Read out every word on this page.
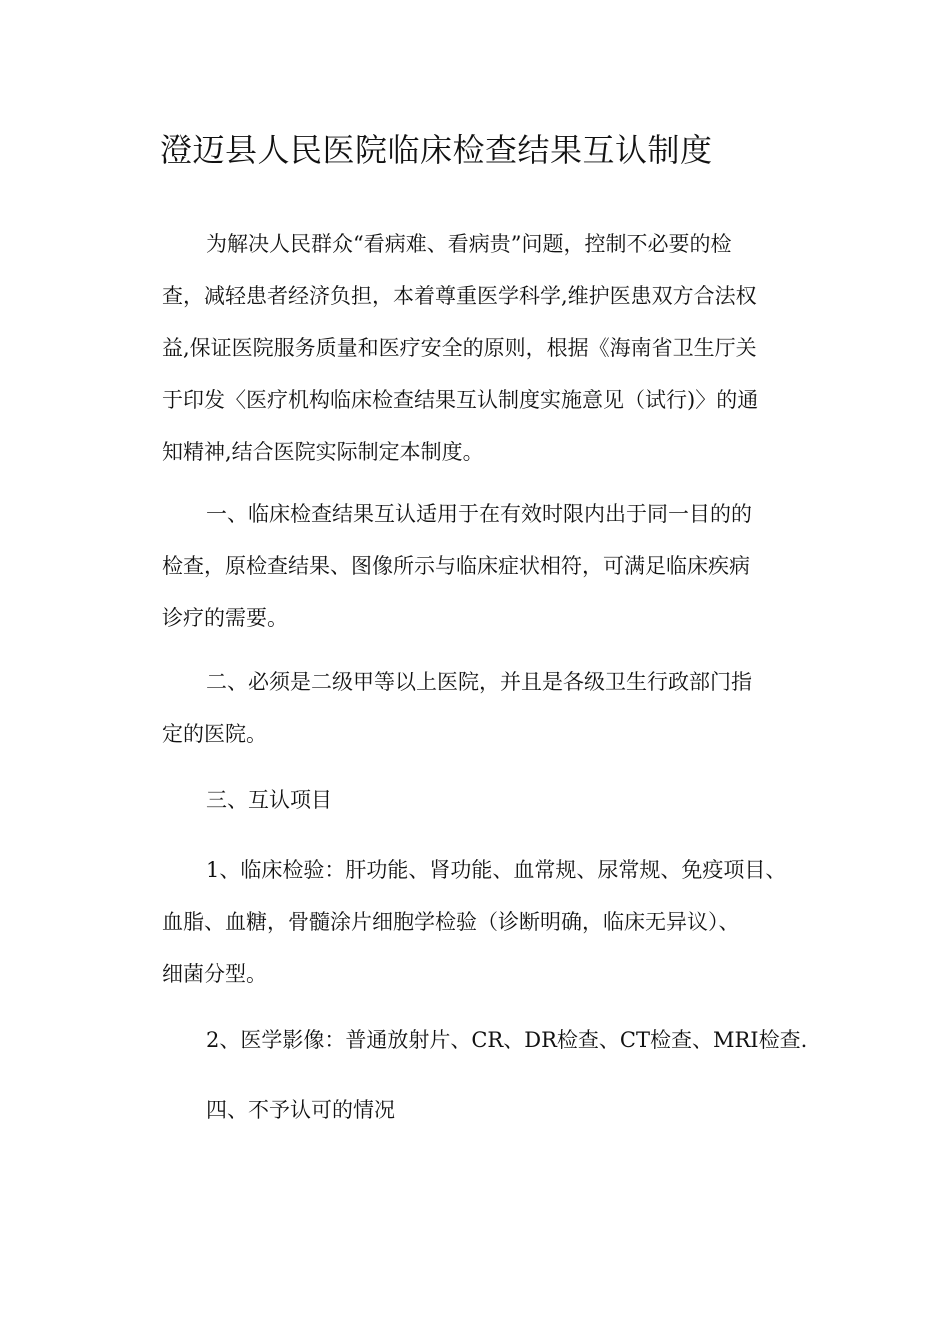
澄迈县人民医院临床检查结果互认制度
为解决人民群众“看病难、看病贵”问题，控制不必要的检
查，减轻患者经济负担，本着尊重医学科学,维护医患双方合法权
益,保证医院服务质量和医疗安全的原则，根据《海南省卫生厅关
于印发〈医疗机构临床检查结果互认制度实施意见（试行)〉的通
知精神,结合医院实际制定本制度。
一、临床检查结果互认适用于在有效时限内出于同一目的的
检查，原检查结果、图像所示与临床症状相符，可满足临床疾病
诊疗的需要。
二、必须是二级甲等以上医院，并且是各级卫生行政部门指
定的医院。
三、互认项目
1、临床检验：肝功能、肾功能、血常规、尿常规、免疫项目、
血脂、血糖，骨髓涂片细胞学检验（诊断明确，临床无异议）、
细菌分型。
2、医学影像：普通放射片、CR、DR检查、CT检查、MRI检查.
四、不予认可的情况
